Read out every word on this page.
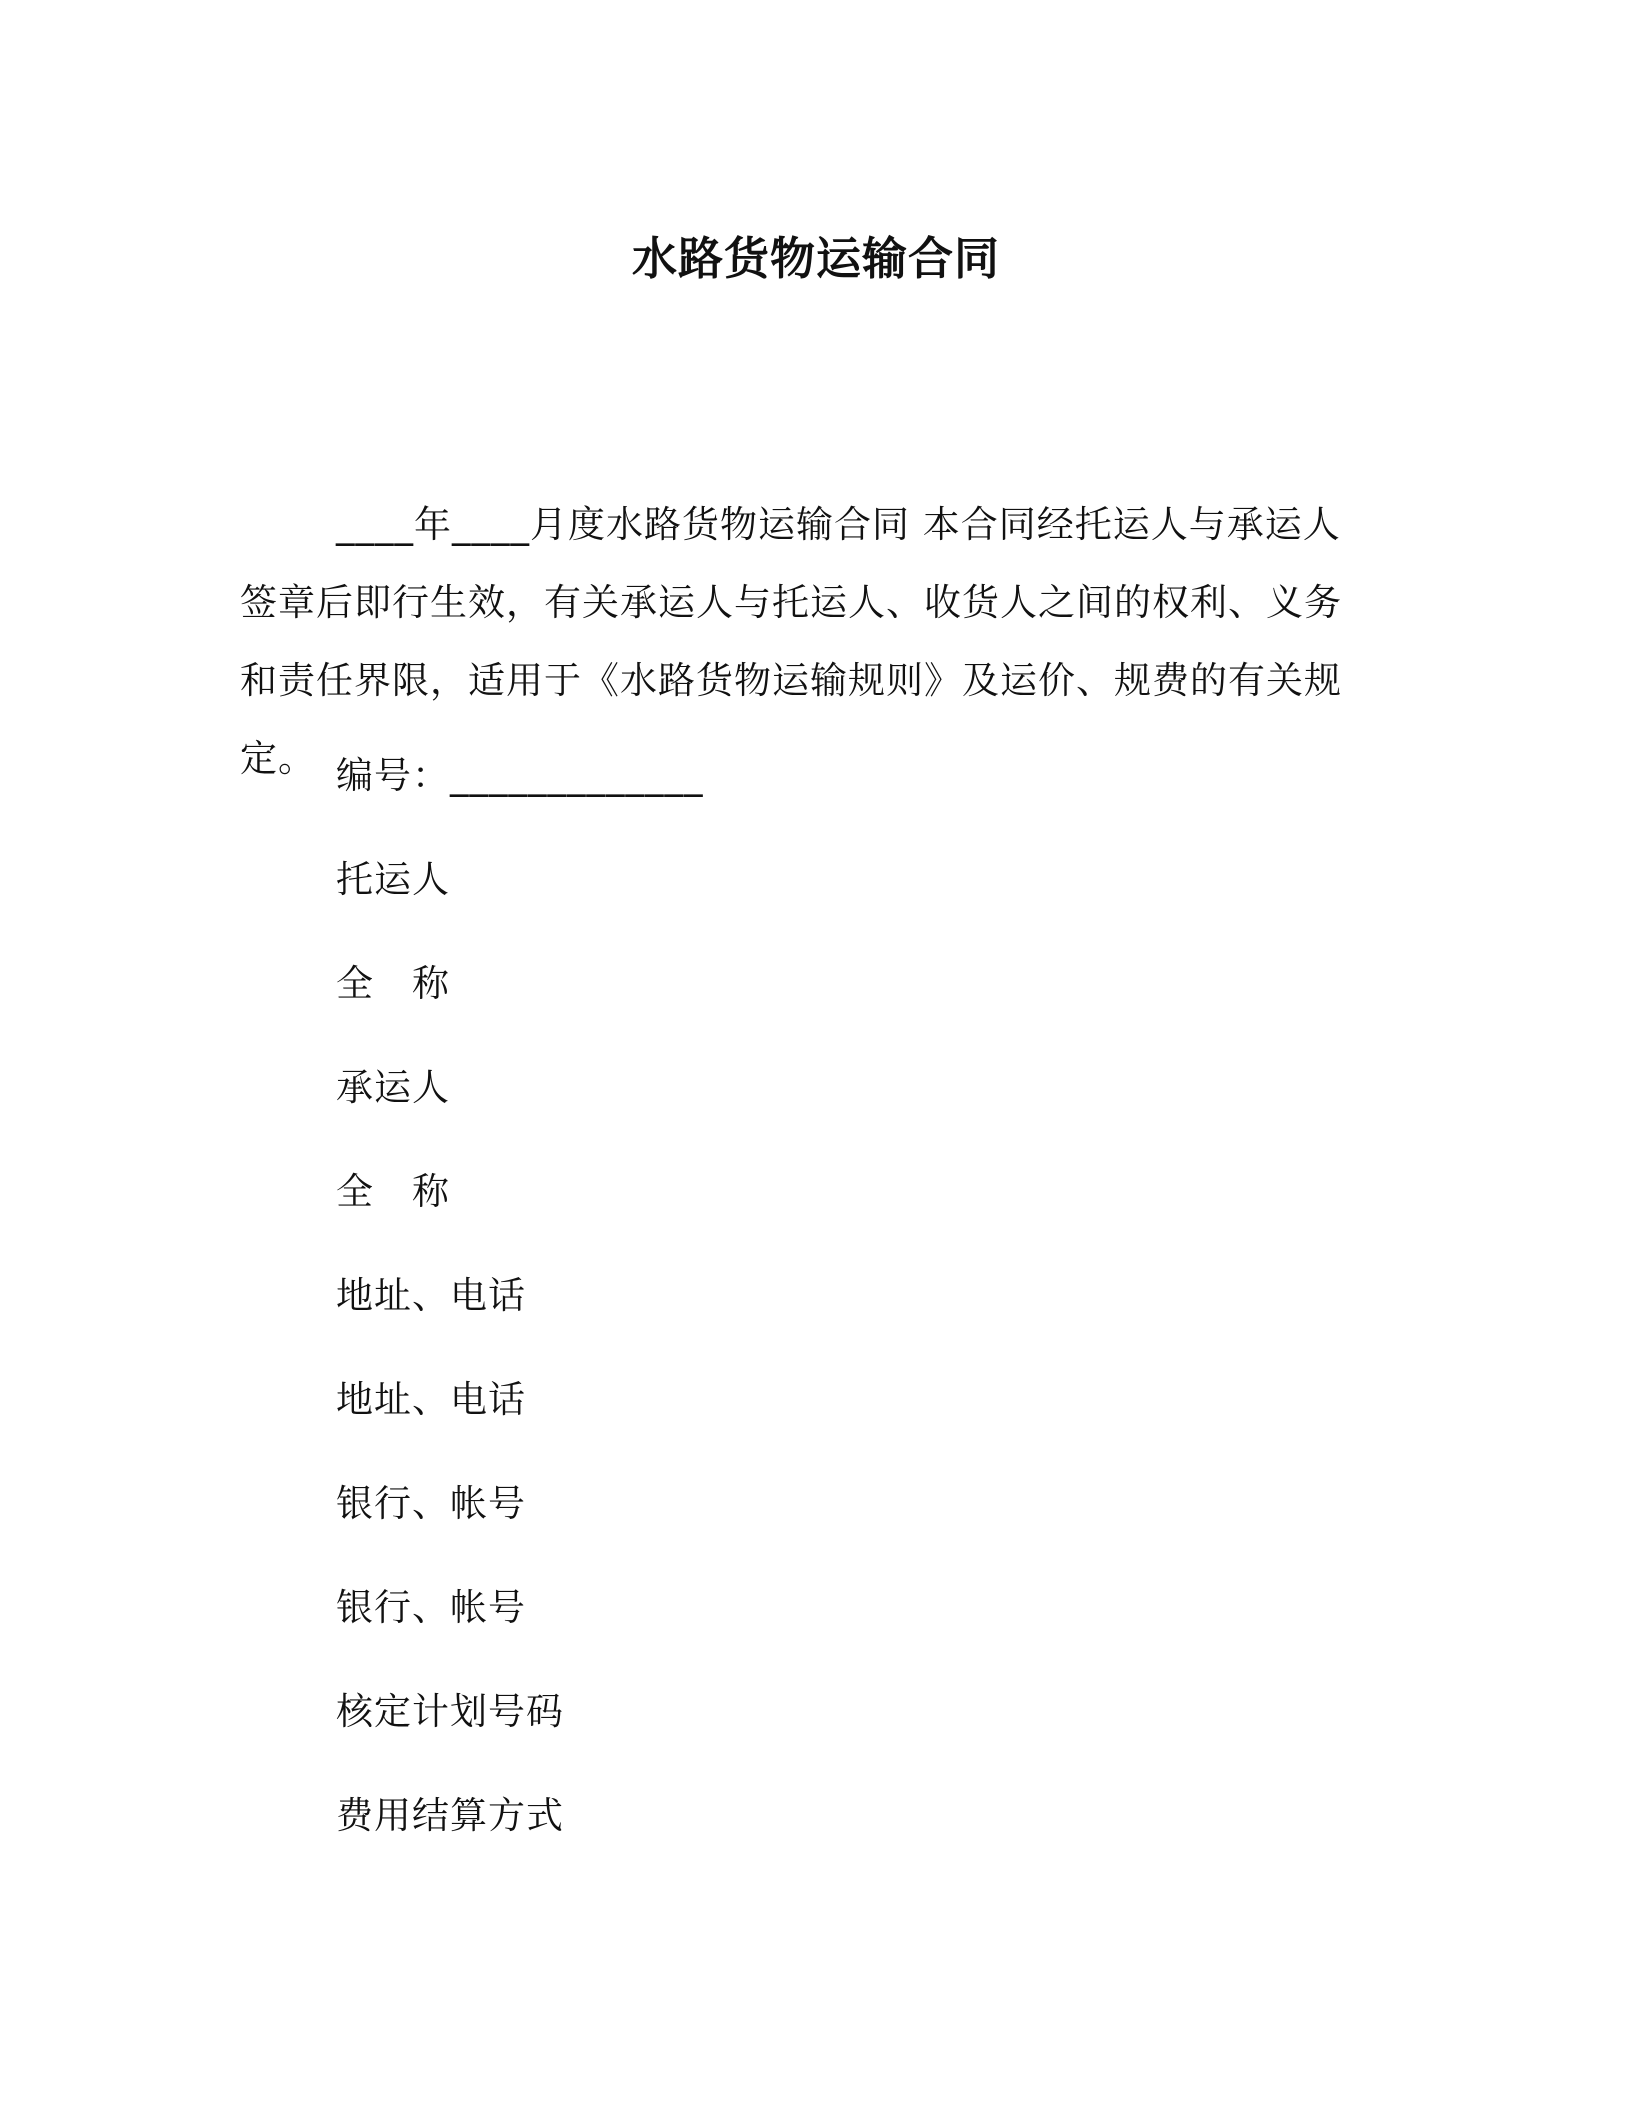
水路货物运输合同

____年____月度水路货物运输合同 本合同经托运人与承运人签章后即行生效，有关承运人与托运人、收货人之间的权利、义务和责任界限，适用于《水路货物运输规则》及运价、规费的有关规定。 编号：_____________
托运人
全　称
承运人
全　称
地址、电话
地址、电话
银行、帐号
银行、帐号
核定计划号码
费用结算方式
